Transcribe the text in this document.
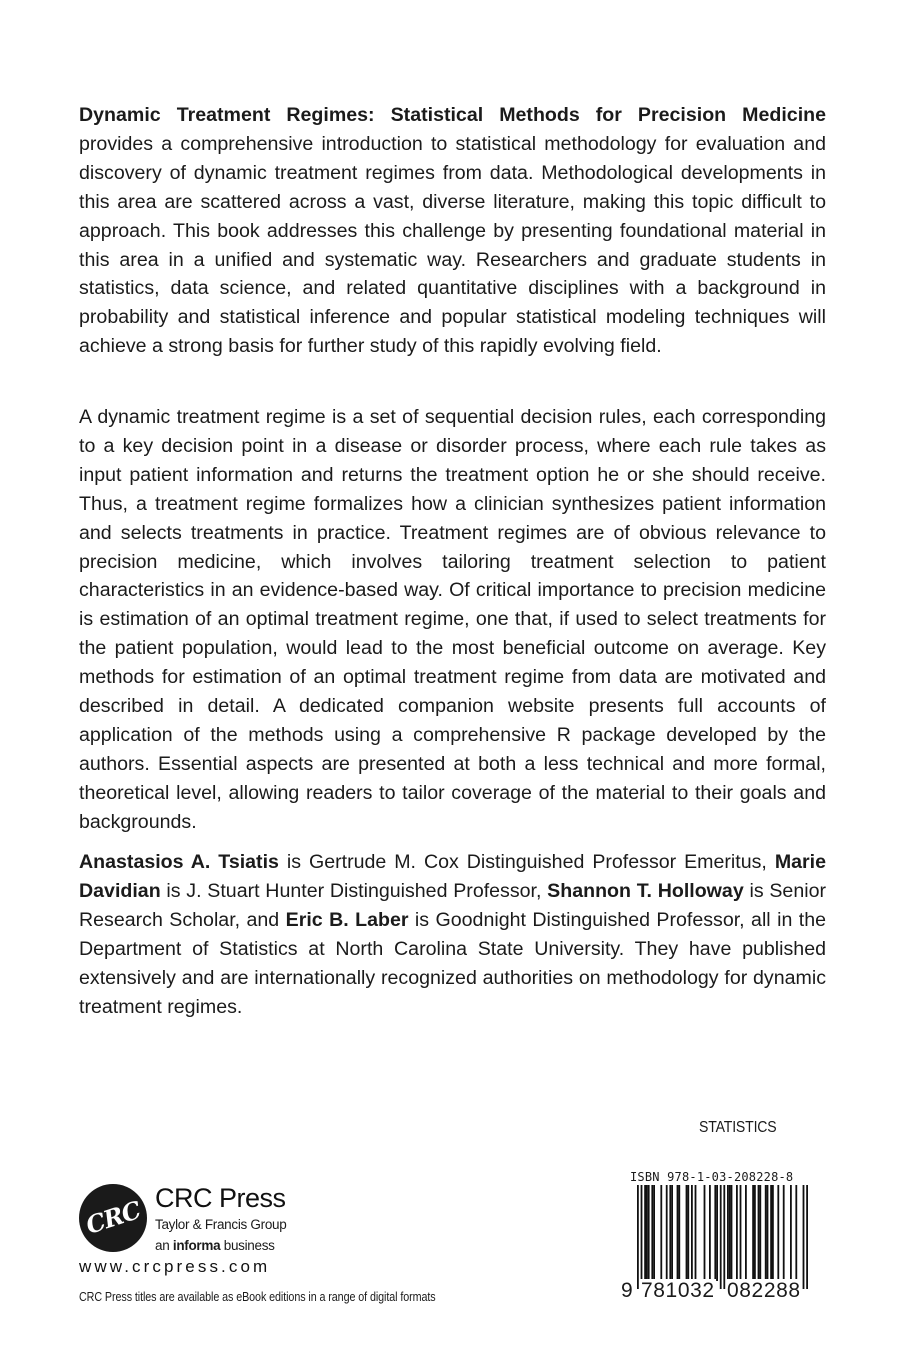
Dynamic Treatment Regimes: Statistical Methods for Precision Medicine provides a comprehensive introduction to statistical methodology for evaluation and discovery of dynamic treatment regimes from data. Methodological developments in this area are scattered across a vast, diverse literature, making this topic difficult to approach. This book addresses this challenge by presenting foundational material in this area in a unified and systematic way. Researchers and graduate students in statistics, data science, and related quantitative disciplines with a background in probability and statistical inference and popular statistical modeling techniques will achieve a strong basis for further study of this rapidly evolving field.
A dynamic treatment regime is a set of sequential decision rules, each corresponding to a key decision point in a disease or disorder process, where each rule takes as input patient information and returns the treatment option he or she should receive. Thus, a treatment regime formalizes how a clinician synthesizes patient information and selects treatments in practice. Treatment regimes are of obvious relevance to precision medicine, which involves tailoring treatment selection to patient characteristics in an evidence-based way. Of critical importance to precision medicine is estimation of an optimal treatment regime, one that, if used to select treatments for the patient population, would lead to the most beneficial outcome on average. Key methods for estimation of an optimal treatment regime from data are motivated and described in detail. A dedicated companion website presents full accounts of application of the methods using a comprehensive R package developed by the authors. Essential aspects are presented at both a less technical and more formal, theoretical level, allowing readers to tailor coverage of the material to their goals and backgrounds.
Anastasios A. Tsiatis is Gertrude M. Cox Distinguished Professor Emeritus, Marie Davidian is J. Stuart Hunter Distinguished Professor, Shannon T. Holloway is Senior Research Scholar, and Eric B. Laber is Goodnight Distinguished Professor, all in the Department of Statistics at North Carolina State University. They have published extensively and are internationally recognized authorities on methodology for dynamic treatment regimes.
STATISTICS
CRC CRC Press
Taylor & Francis Group
an informa business
www.crcpress.com
CRC Press titles are available as eBook editions in a range of digital formats
ISBN 978-1-03-208228-8
9 781032 082288
